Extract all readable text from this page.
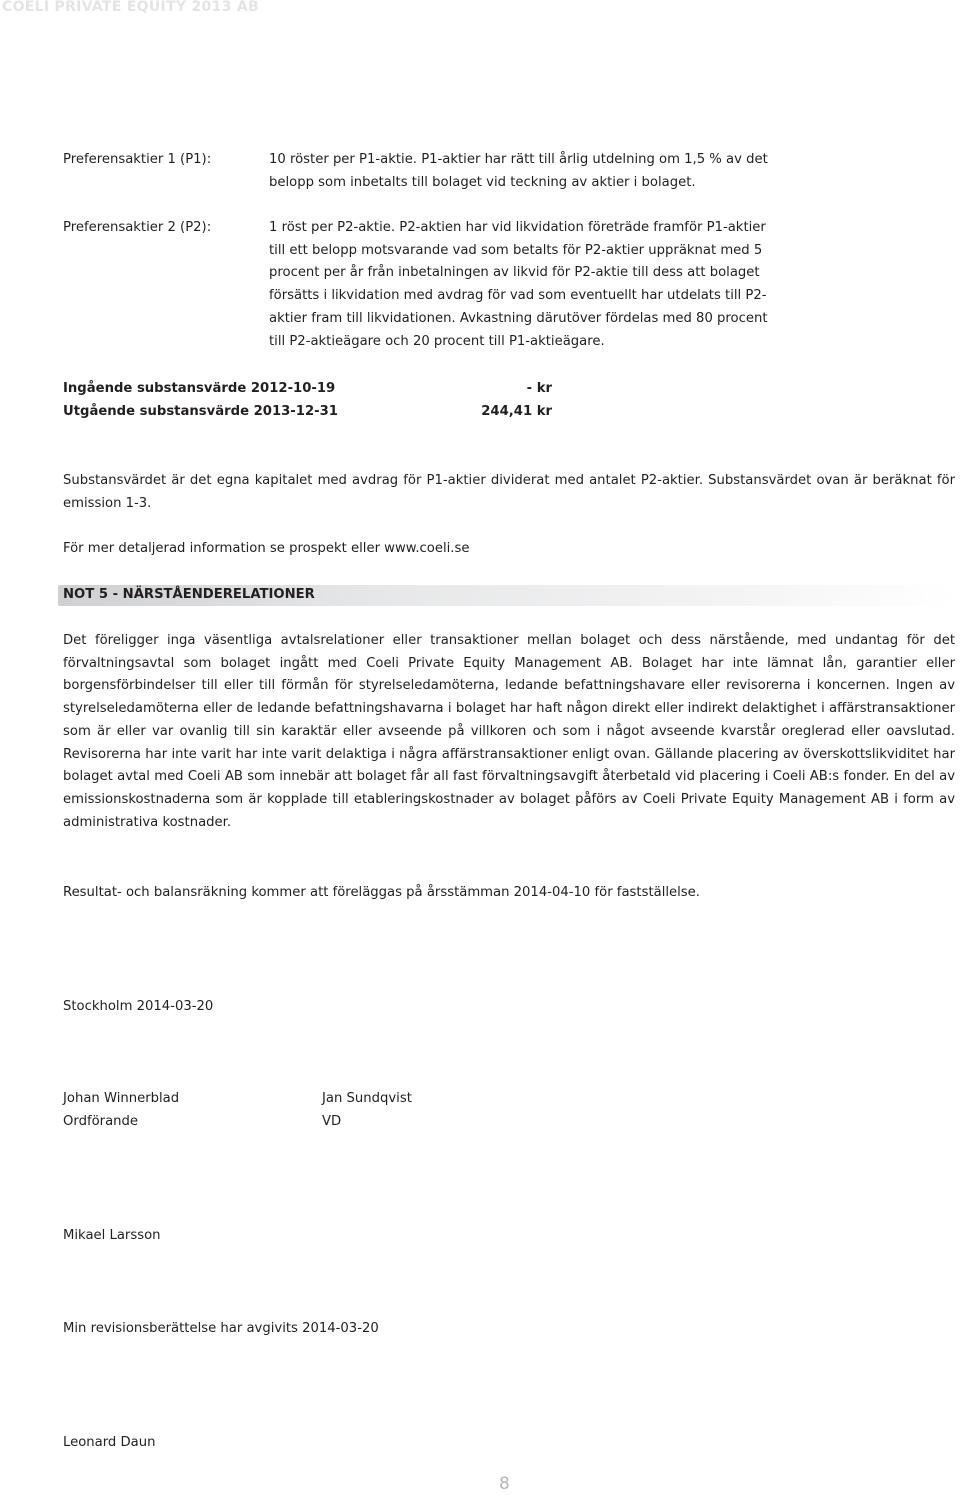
COELI PRIVATE EQUITY 2013 AB
Preferensaktier 1 (P1):	10 röster per P1-aktie. P1-aktier har rätt till årlig utdelning om 1,5 % av det belopp som inbetalts till bolaget vid teckning av aktier i bolaget.
Preferensaktier 2 (P2):	1 röst per P2-aktie. P2-aktien har vid likvidation företräde framför P1-aktier till ett belopp motsvarande vad som betalts för P2-aktier uppräknat med 5 procent per år från inbetalningen av likvid för P2-aktie till dess att bolaget försätts i likvidation med avdrag för vad som eventuellt har utdelats till P2-aktier fram till likvidationen. Avkastning därutöver fördelas med 80 procent till P2-aktieägare och 20 procent till P1-aktieägare.
Ingående substansvärde 2012-10-19	- kr
Utgående substansvärde 2013-12-31	244,41 kr
Substansvärdet är det egna kapitalet med avdrag för P1-aktier dividerat med antalet P2-aktier. Substansvärdet ovan är beräknat för emission 1-3.
För mer detaljerad information se prospekt eller www.coeli.se
NOT 5 - NÄRSTÅENDERELATIONER
Det föreligger inga väsentliga avtalsrelationer eller transaktioner mellan bolaget och dess närstående, med undantag för det förvaltningsavtal som bolaget ingått med Coeli Private Equity Management AB. Bolaget har inte lämnat lån, garantier eller borgensförbindelser till eller till förmån för styrelseledamöterna, ledande befattningshavare eller revisorerna i koncernen. Ingen av styrelseledamöterna eller de ledande befattningshavarna i bolaget har haft någon direkt eller indirekt delaktighet i affärstransaktioner som är eller var ovanlig till sin karaktär eller avseende på villkoren och som i något avseende kvarstår oreglerad eller oavslutad. Revisorerna har inte varit har inte varit delaktiga i några affärstransaktioner enligt ovan. Gällande placering av överskottslikviditet har bolaget avtal med Coeli AB som innebär att bolaget får all fast förvaltningsavgift återbetald vid placering i Coeli AB:s fonder. En del av emissionskostnaderna som är kopplade till etableringskostnader av bolaget påförs av Coeli Private Equity Management AB i form av administrativa kostnader.
Resultat- och balansräkning kommer att föreläggas på årsstämman 2014-04-10 för fastställelse.
Stockholm 2014-03-20
Johan Winnerblad
Ordförande
Jan Sundqvist
VD
Mikael Larsson
Min revisionsberättelse har avgivits 2014-03-20
Leonard Daun
8
